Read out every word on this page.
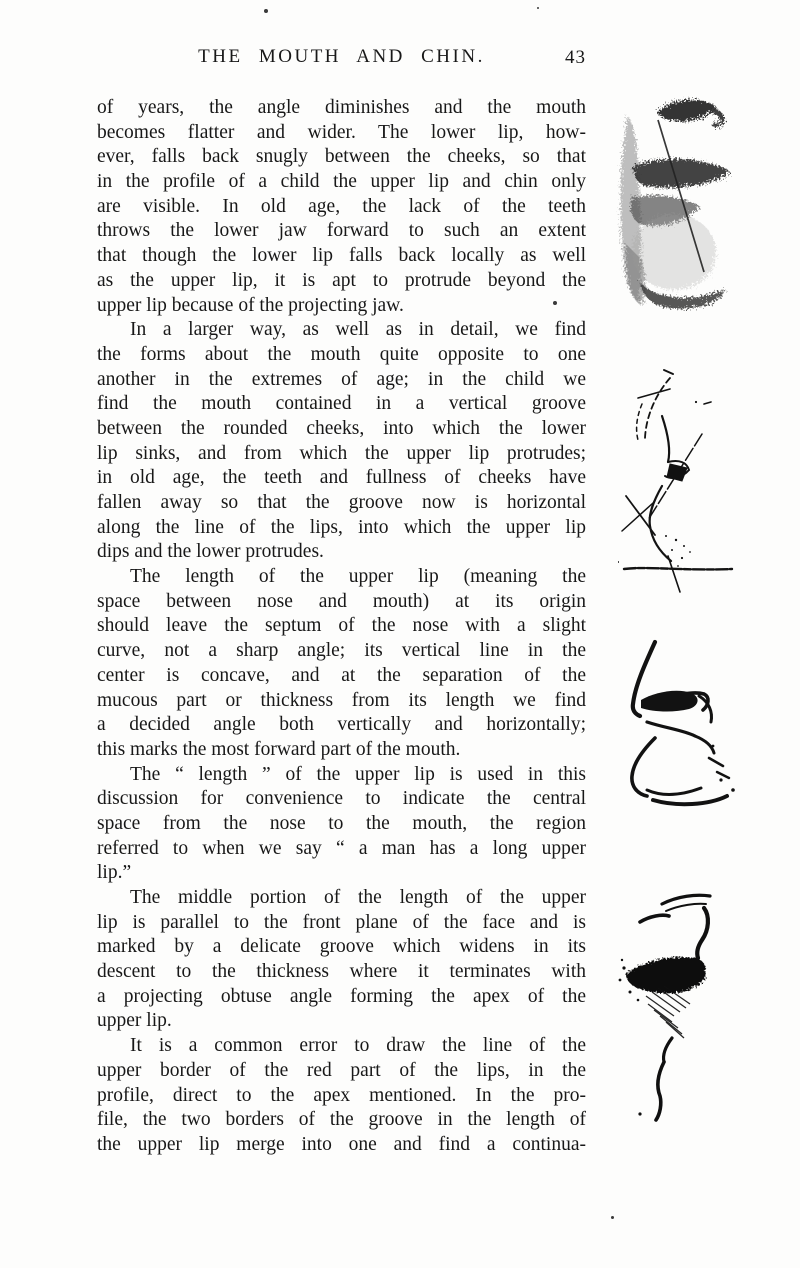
THE MOUTH AND CHIN.	43
of years, the angle diminishes and the mouth
becomes flatter and wider. The lower lip, how-
ever, falls back snugly between the cheeks, so that
in the profile of a child the upper lip and chin only
are visible. In old age, the lack of the teeth
throws the lower jaw forward to such an extent
that though the lower lip falls back locally as well
as the upper lip, it is apt to protrude beyond the
upper lip because of the projecting jaw.
In a larger way, as well as in detail, we find
the forms about the mouth quite opposite to one
another in the extremes of age; in the child we
find the mouth contained in a vertical groove
between the rounded cheeks, into which the lower
lip sinks, and from which the upper lip protrudes;
in old age, the teeth and fullness of cheeks have
fallen away so that the groove now is horizontal
along the line of the lips, into which the upper lip
dips and the lower protrudes.
The length of the upper lip (meaning the
space between nose and mouth) at its origin
should leave the septum of the nose with a slight
curve, not a sharp angle; its vertical line in the
center is concave, and at the separation of the
mucous part or thickness from its length we find
a decided angle both vertically and horizontally;
this marks the most forward part of the mouth.
The “ length ” of the upper lip is used in this
discussion for convenience to indicate the central
space from the nose to the mouth, the region
referred to when we say “ a man has a long upper
lip.”
The middle portion of the length of the upper
lip is parallel to the front plane of the face and is
marked by a delicate groove which widens in its
descent to the thickness where it terminates with
a projecting obtuse angle forming the apex of the
upper lip.
It is a common error to draw the line of the
upper border of the red part of the lips, in the
profile, direct to the apex mentioned. In the pro-
file, the two borders of the groove in the length of
the upper lip merge into one and find a continua-
